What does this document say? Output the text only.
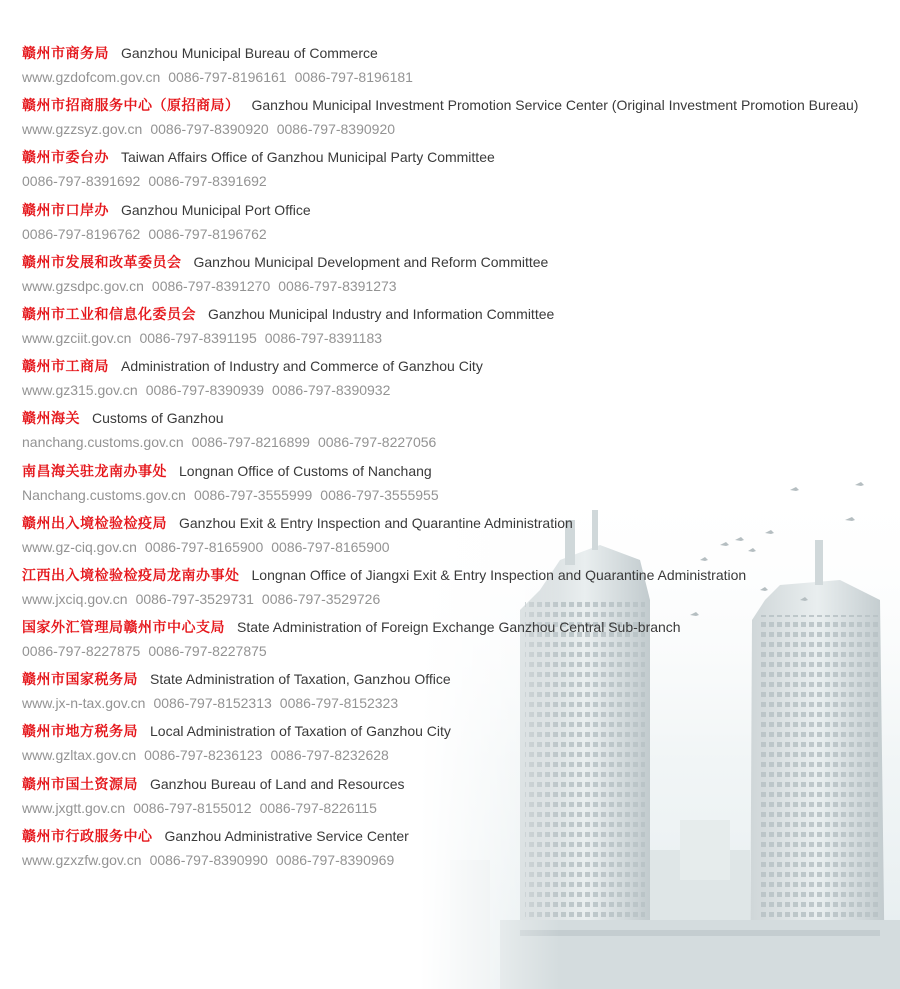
赣州市商务局 Ganzhou Municipal Bureau of Commerce
www.gzdofcom.gov.cn 0086-797-8196161 0086-797-8196181
赣州市招商服务中心（原招商局） Ganzhou Municipal Investment Promotion Service Center (Original Investment Promotion Bureau)
www.gzzsyz.gov.cn 0086-797-8390920 0086-797-8390920
赣州市委台办 Taiwan Affairs Office of Ganzhou Municipal Party Committee
0086-797-8391692 0086-797-8391692
赣州市口岸办 Ganzhou Municipal Port Office
0086-797-8196762 0086-797-8196762
赣州市发展和改革委员会 Ganzhou Municipal Development and Reform Committee
www.gzsdpc.gov.cn 0086-797-8391270 0086-797-8391273
赣州市工业和信息化委员会 Ganzhou Municipal Industry and Information Committee
www.gzciit.gov.cn 0086-797-8391195 0086-797-8391183
赣州市工商局 Administration of Industry and Commerce of Ganzhou City
www.gz315.gov.cn 0086-797-8390939 0086-797-8390932
赣州海关 Customs of Ganzhou
nanchang.customs.gov.cn 0086-797-8216899 0086-797-8227056
南昌海关驻龙南办事处 Longnan Office of Customs of Nanchang
Nanchang.customs.gov.cn 0086-797-3555999 0086-797-3555955
赣州出入境检验检疫局 Ganzhou Exit & Entry Inspection and Quarantine Administration
www.gz-ciq.gov.cn 0086-797-8165900 0086-797-8165900
江西出入境检验检疫局龙南办事处 Longnan Office of Jiangxi Exit & Entry Inspection and Quarantine Administration
www.jxciq.gov.cn 0086-797-3529731 0086-797-3529726
国家外汇管理局赣州市中心支局 State Administration of Foreign Exchange Ganzhou Central Sub-branch
0086-797-8227875 0086-797-8227875
赣州市国家税务局 State Administration of Taxation, Ganzhou Office
www.jx-n-tax.gov.cn 0086-797-8152313 0086-797-8152323
赣州市地方税务局 Local Administration of Taxation of Ganzhou City
www.gzltax.gov.cn 0086-797-8236123 0086-797-8232628
赣州市国土资源局 Ganzhou Bureau of Land and Resources
www.jxgtt.gov.cn 0086-797-8155012 0086-797-8226115
赣州市行政服务中心 Ganzhou Administrative Service Center
www.gzxzfw.gov.cn 0086-797-8390990 0086-797-8390969
